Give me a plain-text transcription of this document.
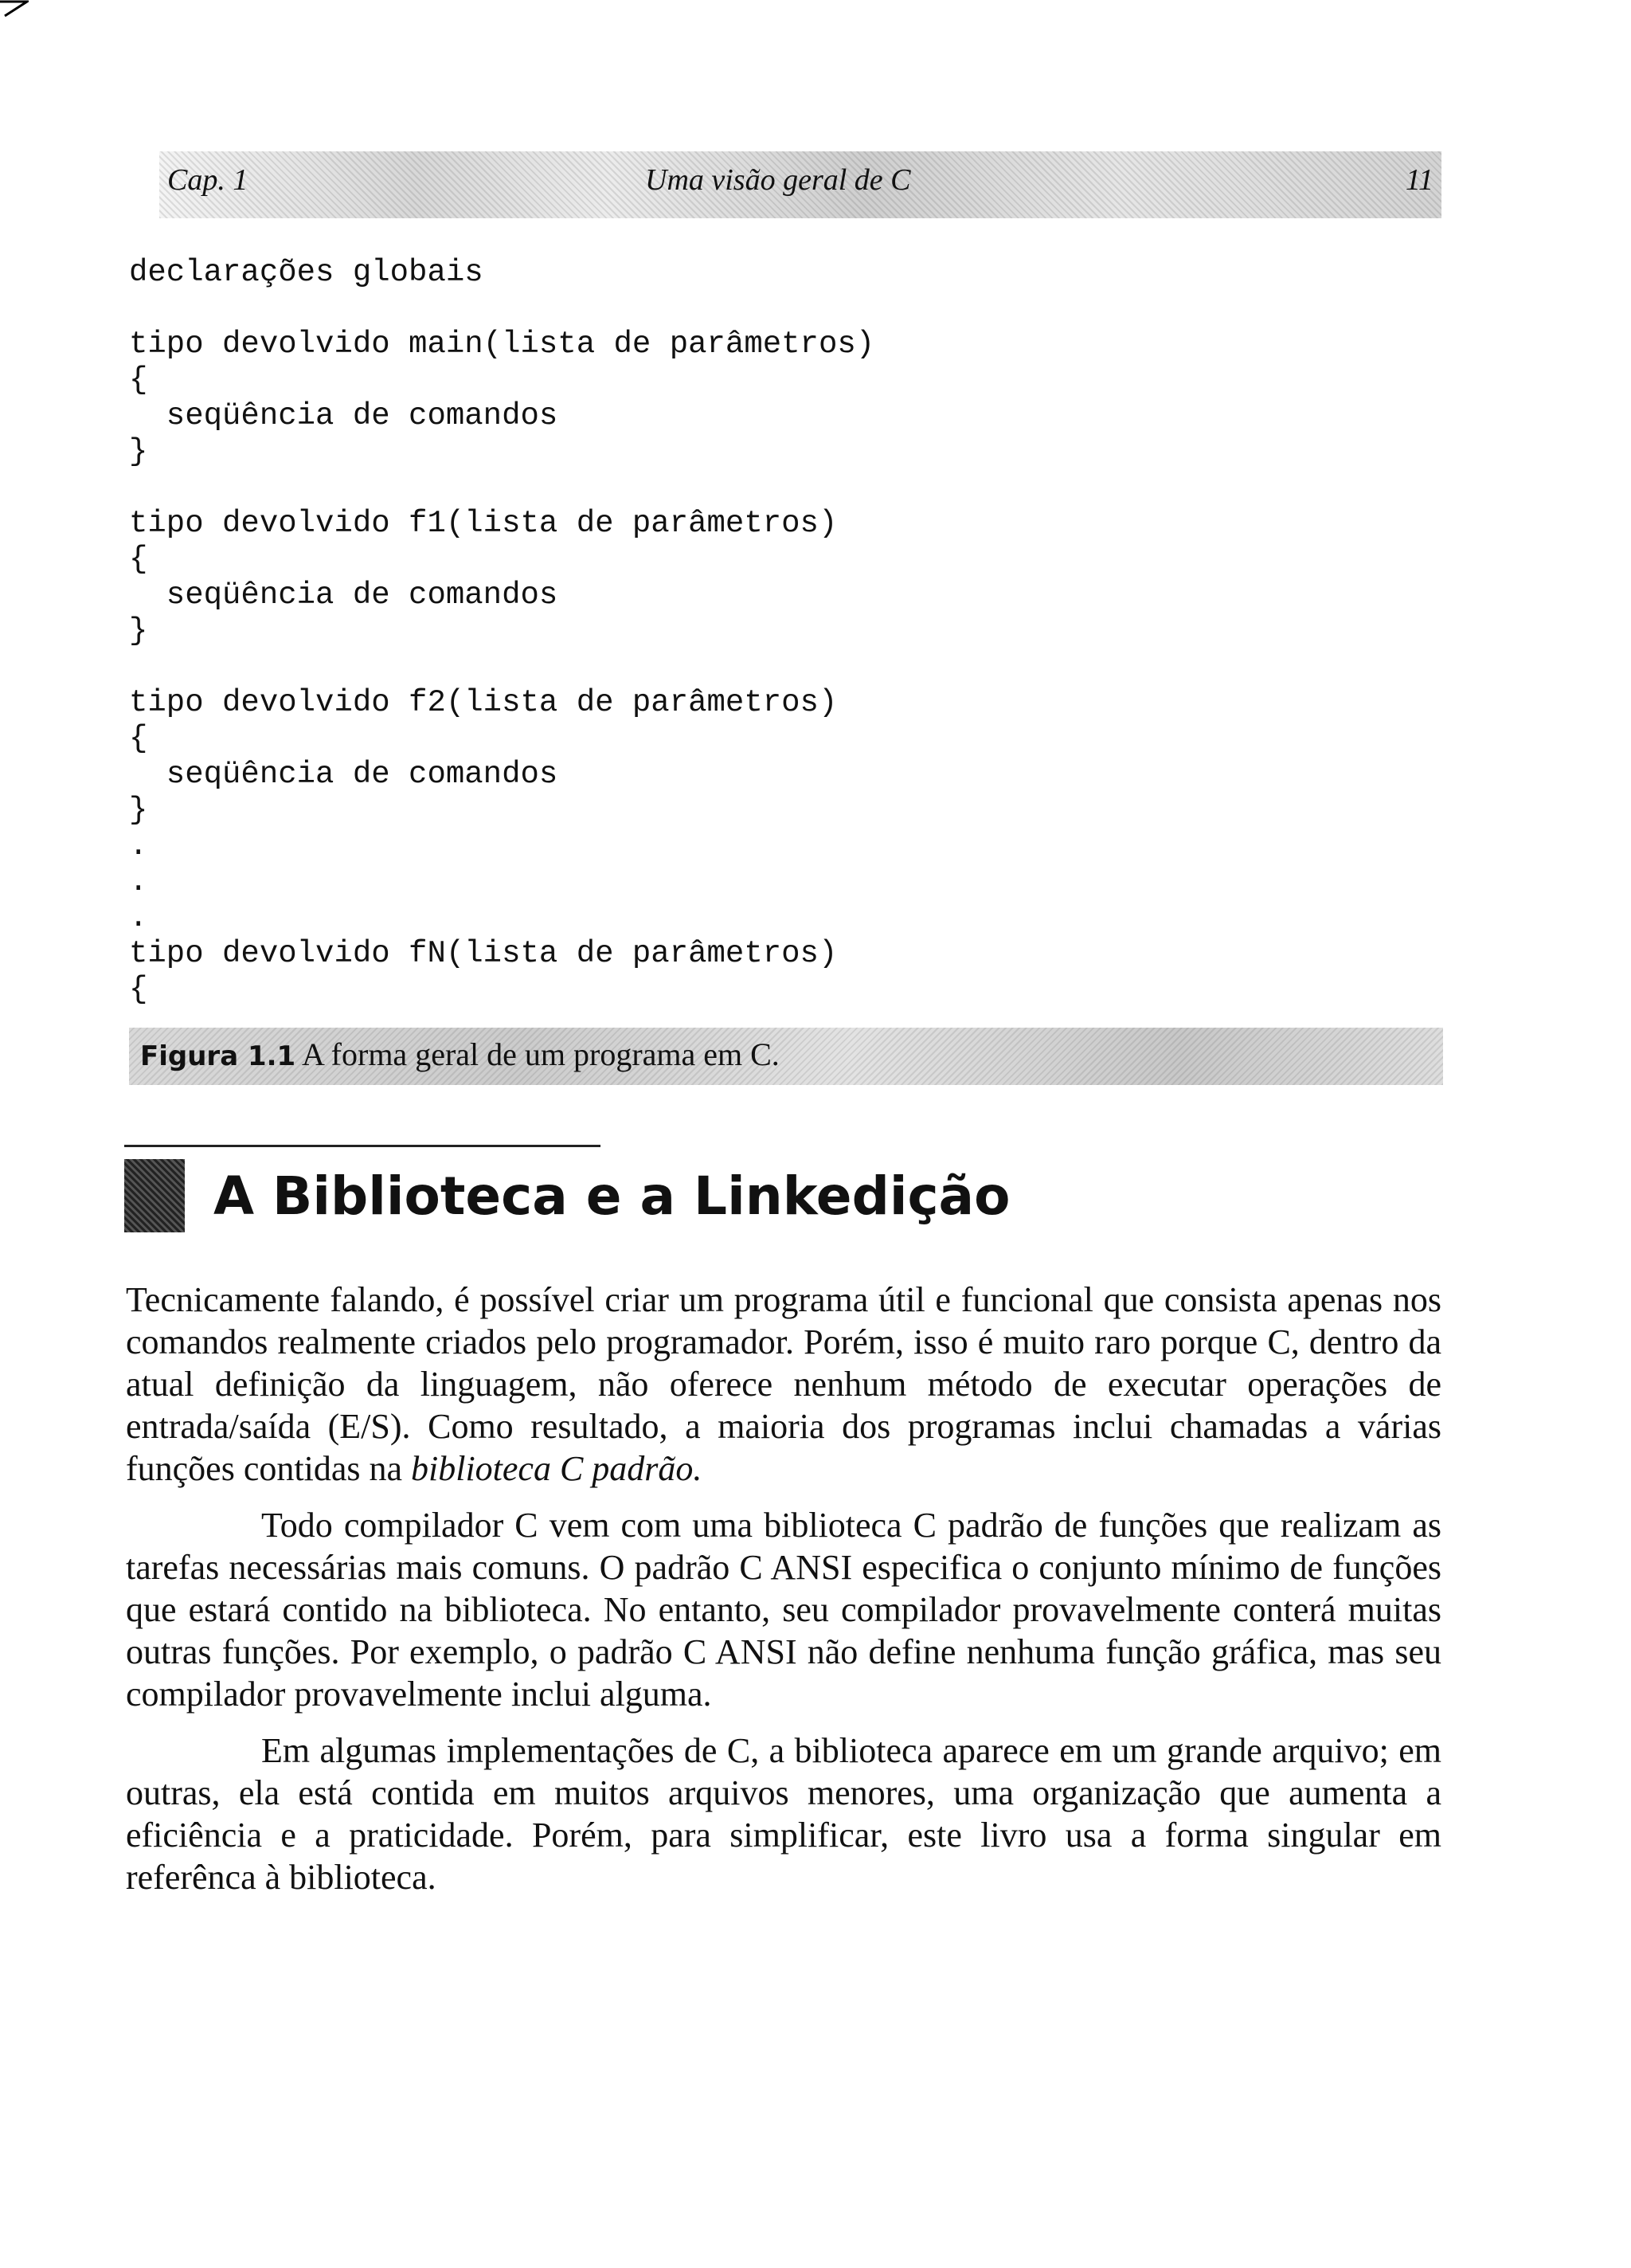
Cap. 1	Uma visão geral de C	11
declarações globais

tipo devolvido main(lista de parâmetros)
{
seqüência de comandos
}

tipo devolvido f1(lista de parâmetros)
{
seqüência de comandos
}

tipo devolvido f2(lista de parâmetros)
{
seqüência de comandos
}
.
.
.
tipo devolvido fN(lista de parâmetros)
{
Figura 1.1 A forma geral de um programa em C.
A Biblioteca e a Linkedição

Tecnicamente falando, é possível criar um programa útil e funcional que consista apenas nos comandos realmente criados pelo programador. Porém, isso é muito raro porque C, dentro da atual definição da linguagem, não oferece nenhum método de executar operações de entrada/saída (E/S). Como resultado, a maioria dos programas inclui chamadas a várias funções contidas na biblioteca C padrão.

Todo compilador C vem com uma biblioteca C padrão de funções que realizam as tarefas necessárias mais comuns. O padrão C ANSI especifica o conjunto mínimo de funções que estará contido na biblioteca. No entanto, seu compilador provavelmente conterá muitas outras funções. Por exemplo, o padrão C ANSI não define nenhuma função gráfica, mas seu compilador provavelmente inclui alguma.

Em algumas implementações de C, a biblioteca aparece em um grande arquivo; em outras, ela está contida em muitos arquivos menores, uma organização que aumenta a eficiência e a praticidade. Porém, para simplificar, este livro usa a forma singular em referênca à biblioteca.
